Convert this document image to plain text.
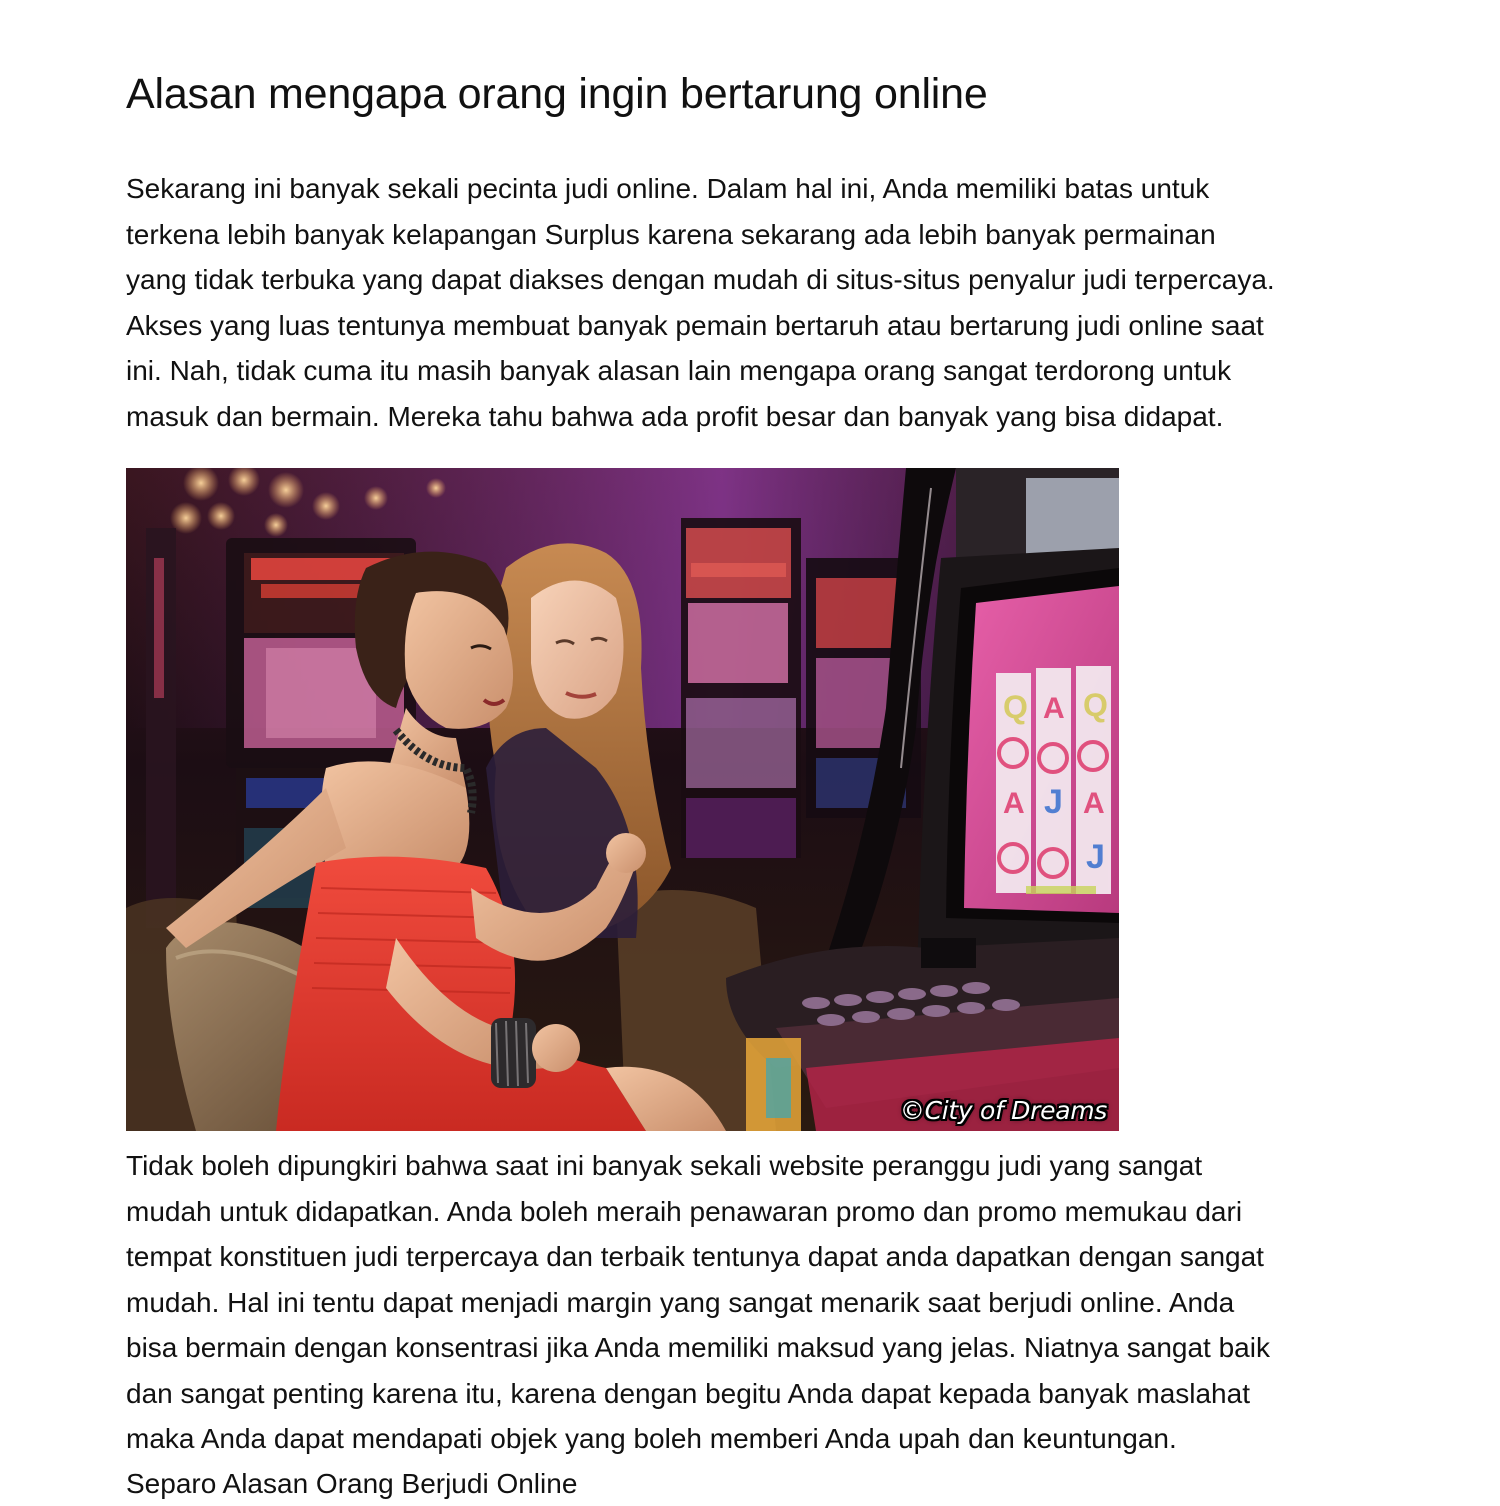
Alasan mengapa orang ingin bertarung online

Sekarang ini banyak sekali pecinta judi online. Dalam hal ini, Anda memiliki batas untuk
terkena lebih banyak kelapangan Surplus karena sekarang ada lebih banyak permainan
yang tidak terbuka yang dapat diakses dengan mudah di situs-situs penyalur judi terpercaya.
Akses yang luas tentunya membuat banyak pemain bertaruh atau bertarung judi online saat
ini. Nah, tidak cuma itu masih banyak alasan lain mengapa orang sangat terdorong untuk
masuk dan bermain. Mereka tahu bahwa ada profit besar dan banyak yang bisa didapat.

Q
A
A
J
Q
A
J
©City of Dreams

Tidak boleh dipungkiri bahwa saat ini banyak sekali website peranggu judi yang sangat
mudah untuk didapatkan. Anda boleh meraih penawaran promo dan promo memukau dari
tempat konstituen judi terpercaya dan terbaik tentunya dapat anda dapatkan dengan sangat
mudah. Hal ini tentu dapat menjadi margin yang sangat menarik saat berjudi online. Anda
bisa bermain dengan konsentrasi jika Anda memiliki maksud yang jelas. Niatnya sangat baik
dan sangat penting karena itu, karena dengan begitu Anda dapat kepada banyak maslahat
maka Anda dapat mendapati objek yang boleh memberi Anda upah dan keuntungan.

Separo Alasan Orang Berjudi Online
